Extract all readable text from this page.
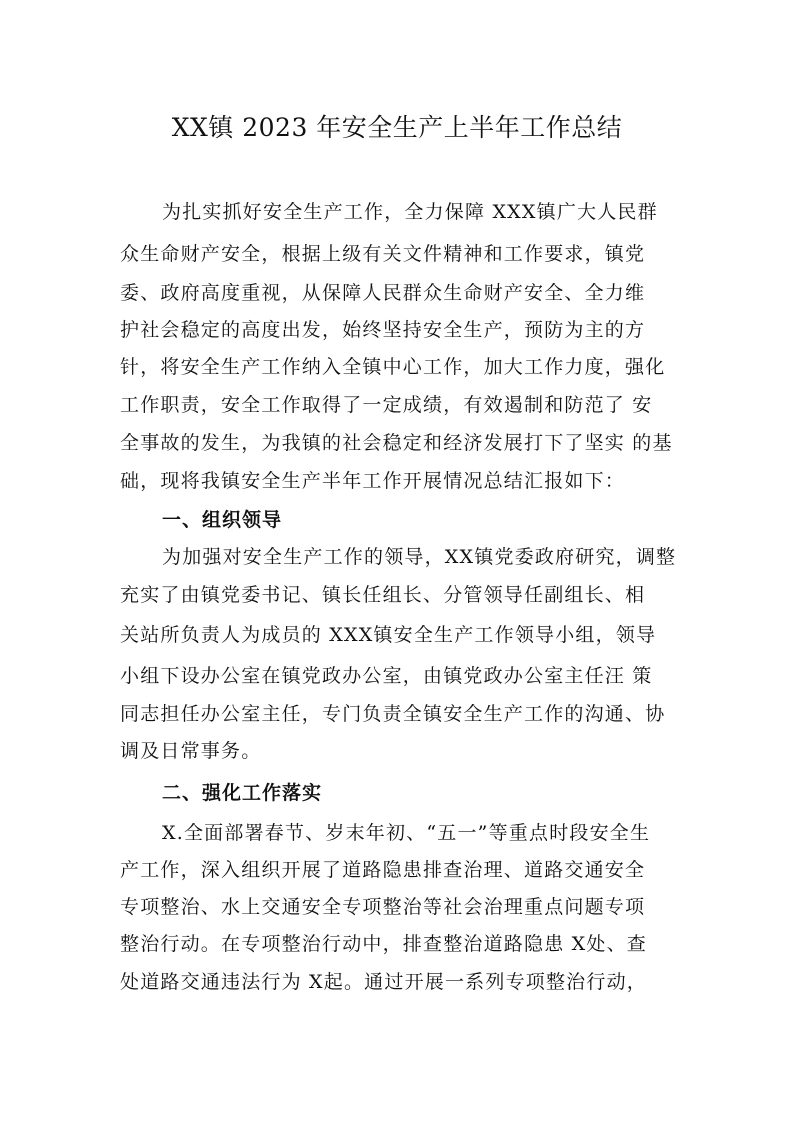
XX镇 2023 年安全生产上半年工作总结
为扎实抓好安全生产工作，全力保障 XXX镇广大人民群
众生命财产安全，根据上级有关文件精神和工作要求，镇党
委、政府高度重视，从保障人民群众生命财产安全、全力维
护社会稳定的高度出发，始终坚持安全生产，预防为主的方
针，将安全生产工作纳入全镇中心工作，加大工作力度，强化
工作职责，安全工作取得了一定成绩，有效遏制和防范了 安
全事故的发生，为我镇的社会稳定和经济发展打下了坚实 的基
础，现将我镇安全生产半年工作开展情况总结汇报如下：
一、组织领导
为加强对安全生产工作的领导，XX镇党委政府研究，调整
充实了由镇党委书记、镇长任组长、分管领导任副组长、相
关站所负责人为成员的 XXX镇安全生产工作领导小组，领导
小组下设办公室在镇党政办公室，由镇党政办公室主任汪 策
同志担任办公室主任，专门负责全镇安全生产工作的沟通、协
调及日常事务。
二、强化工作落实
X.全面部署春节、岁末年初、“五一”等重点时段安全生
产工作，深入组织开展了道路隐患排查治理、道路交通安全
专项整治、水上交通安全专项整治等社会治理重点问题专项
整治行动。在专项整治行动中，排查整治道路隐患 X处、查
处道路交通违法行为 X起。通过开展一系列专项整治行动，
